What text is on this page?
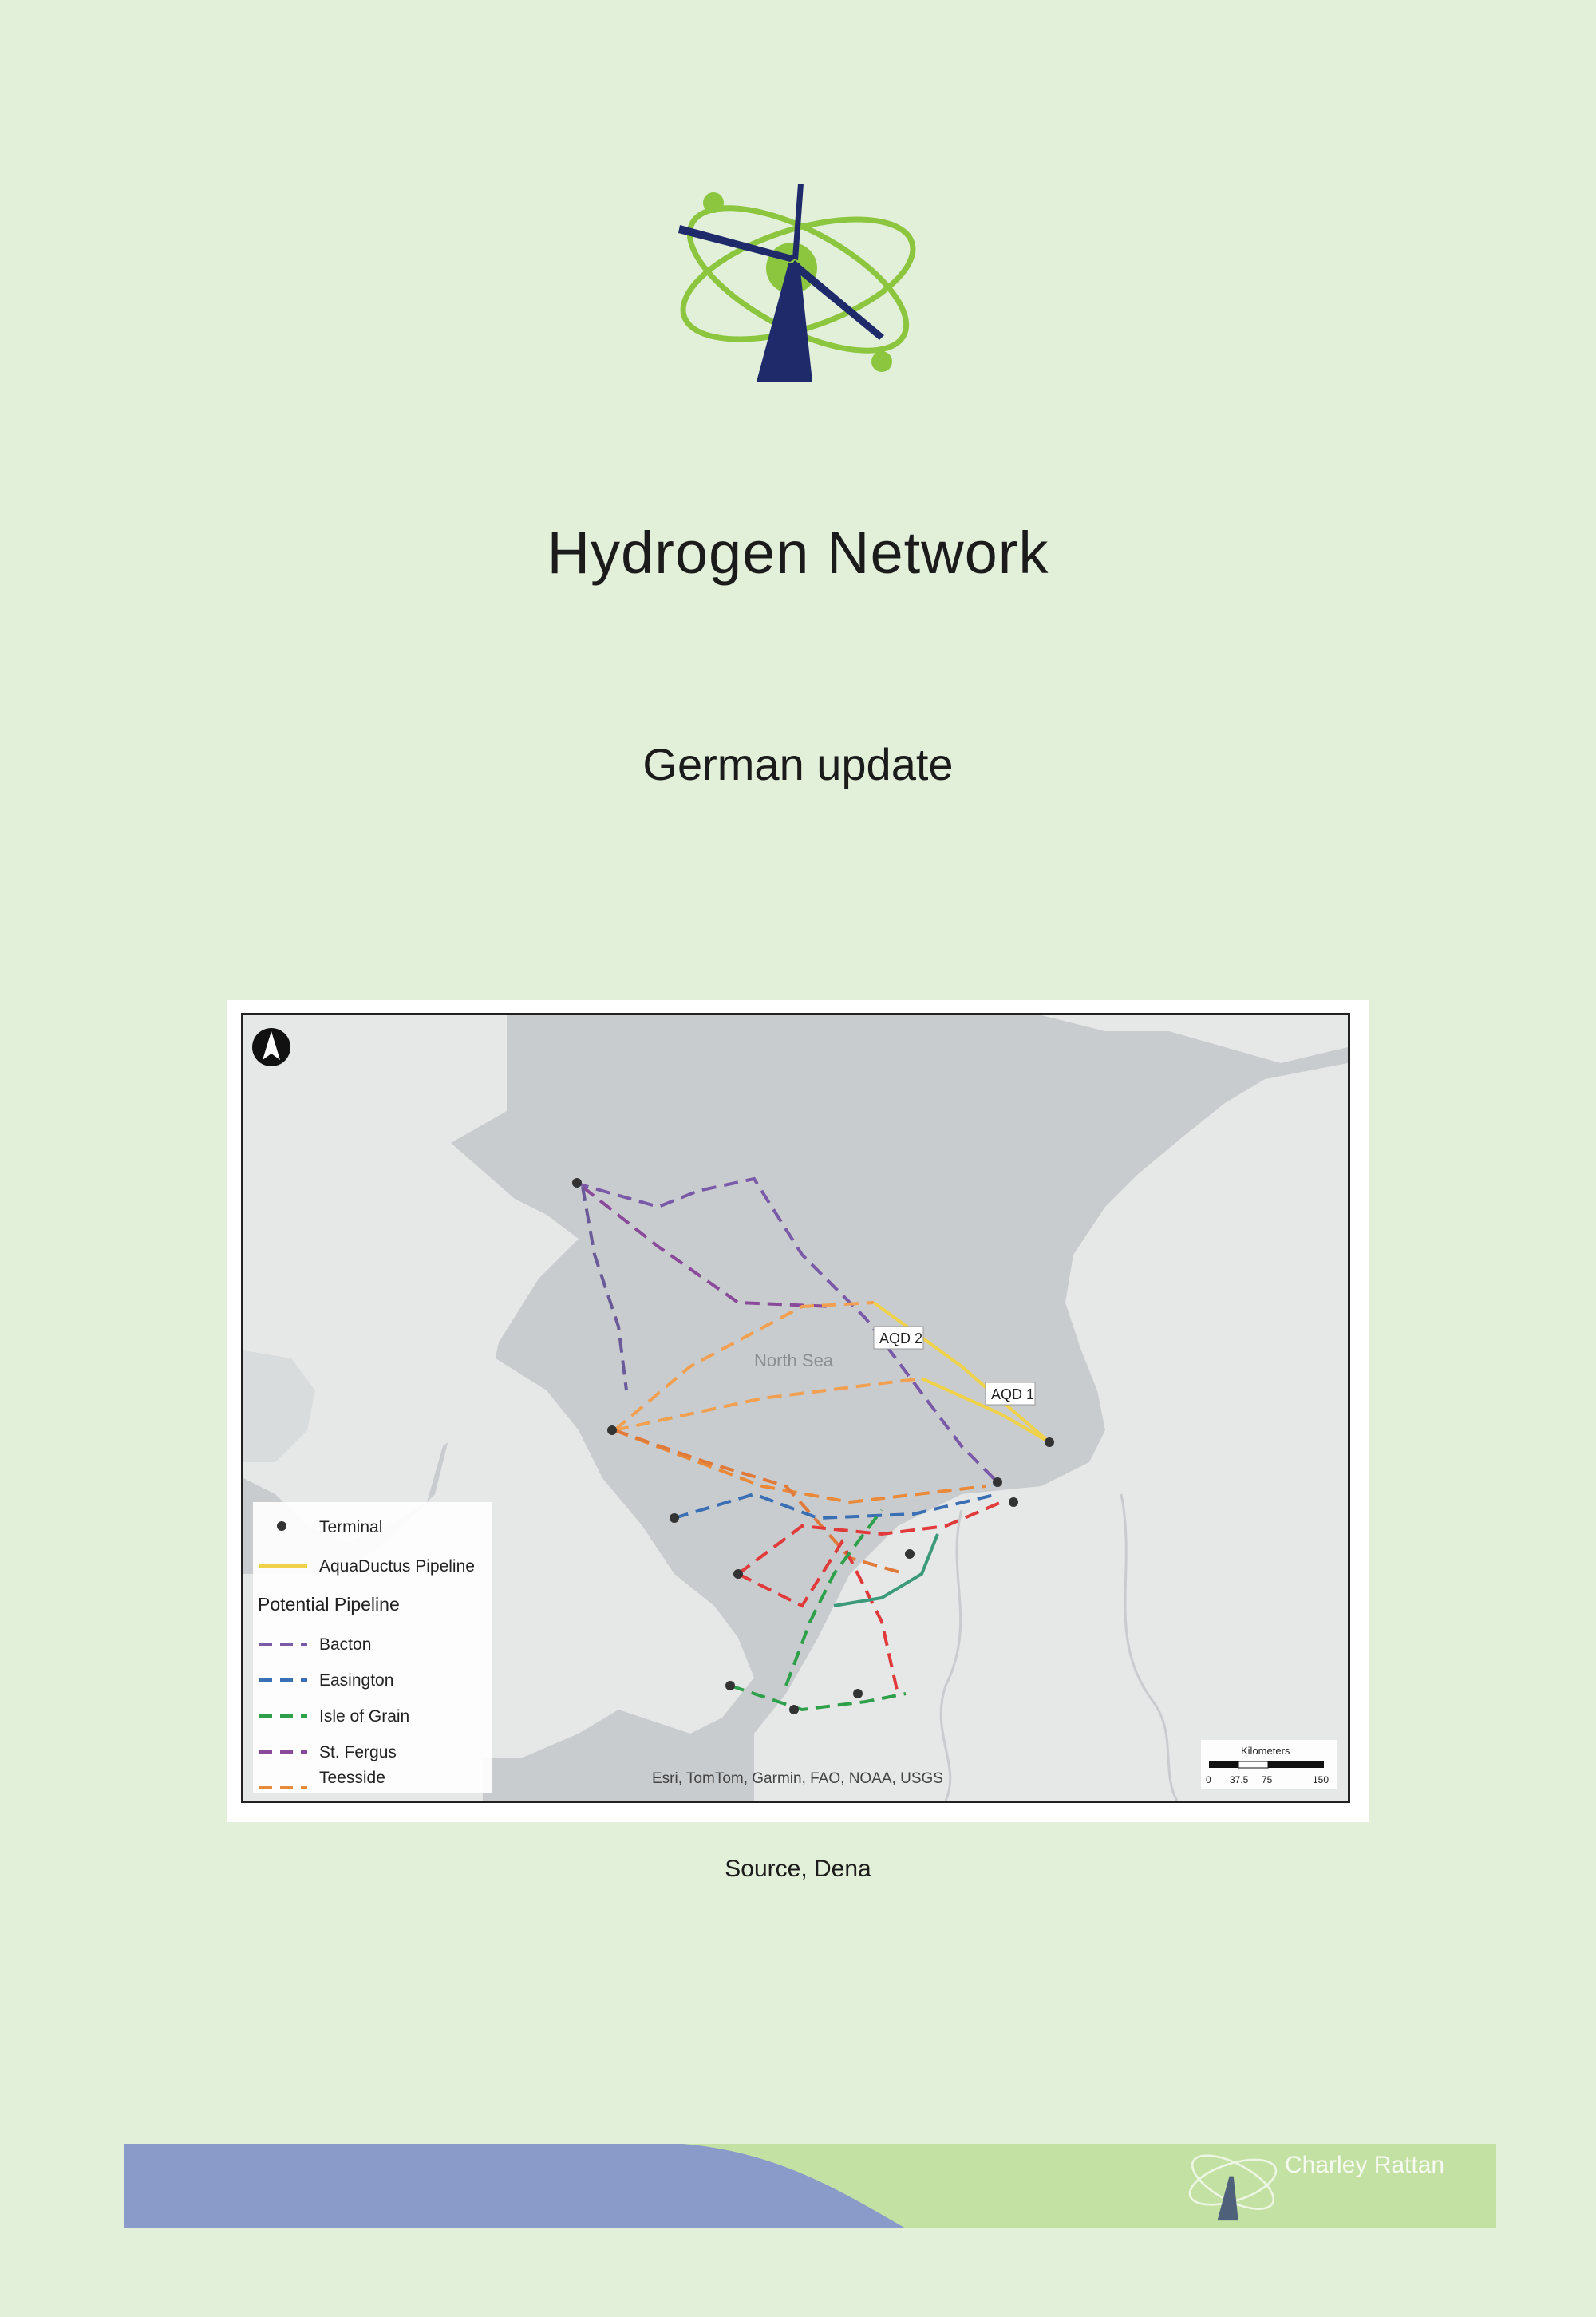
Hydrogen Network
German update
North Sea
AQD 2
AQD 1
Terminal
AquaDuctus Pipeline
Potential Pipeline
Bacton
Easington
Isle of Grain
St. Fergus
Teesside	Esri, TomTom, Garmin, FAO, NOAA, USGS
Kilometers
0 37.5 75	150
Source, Dena
Charley Rattan
